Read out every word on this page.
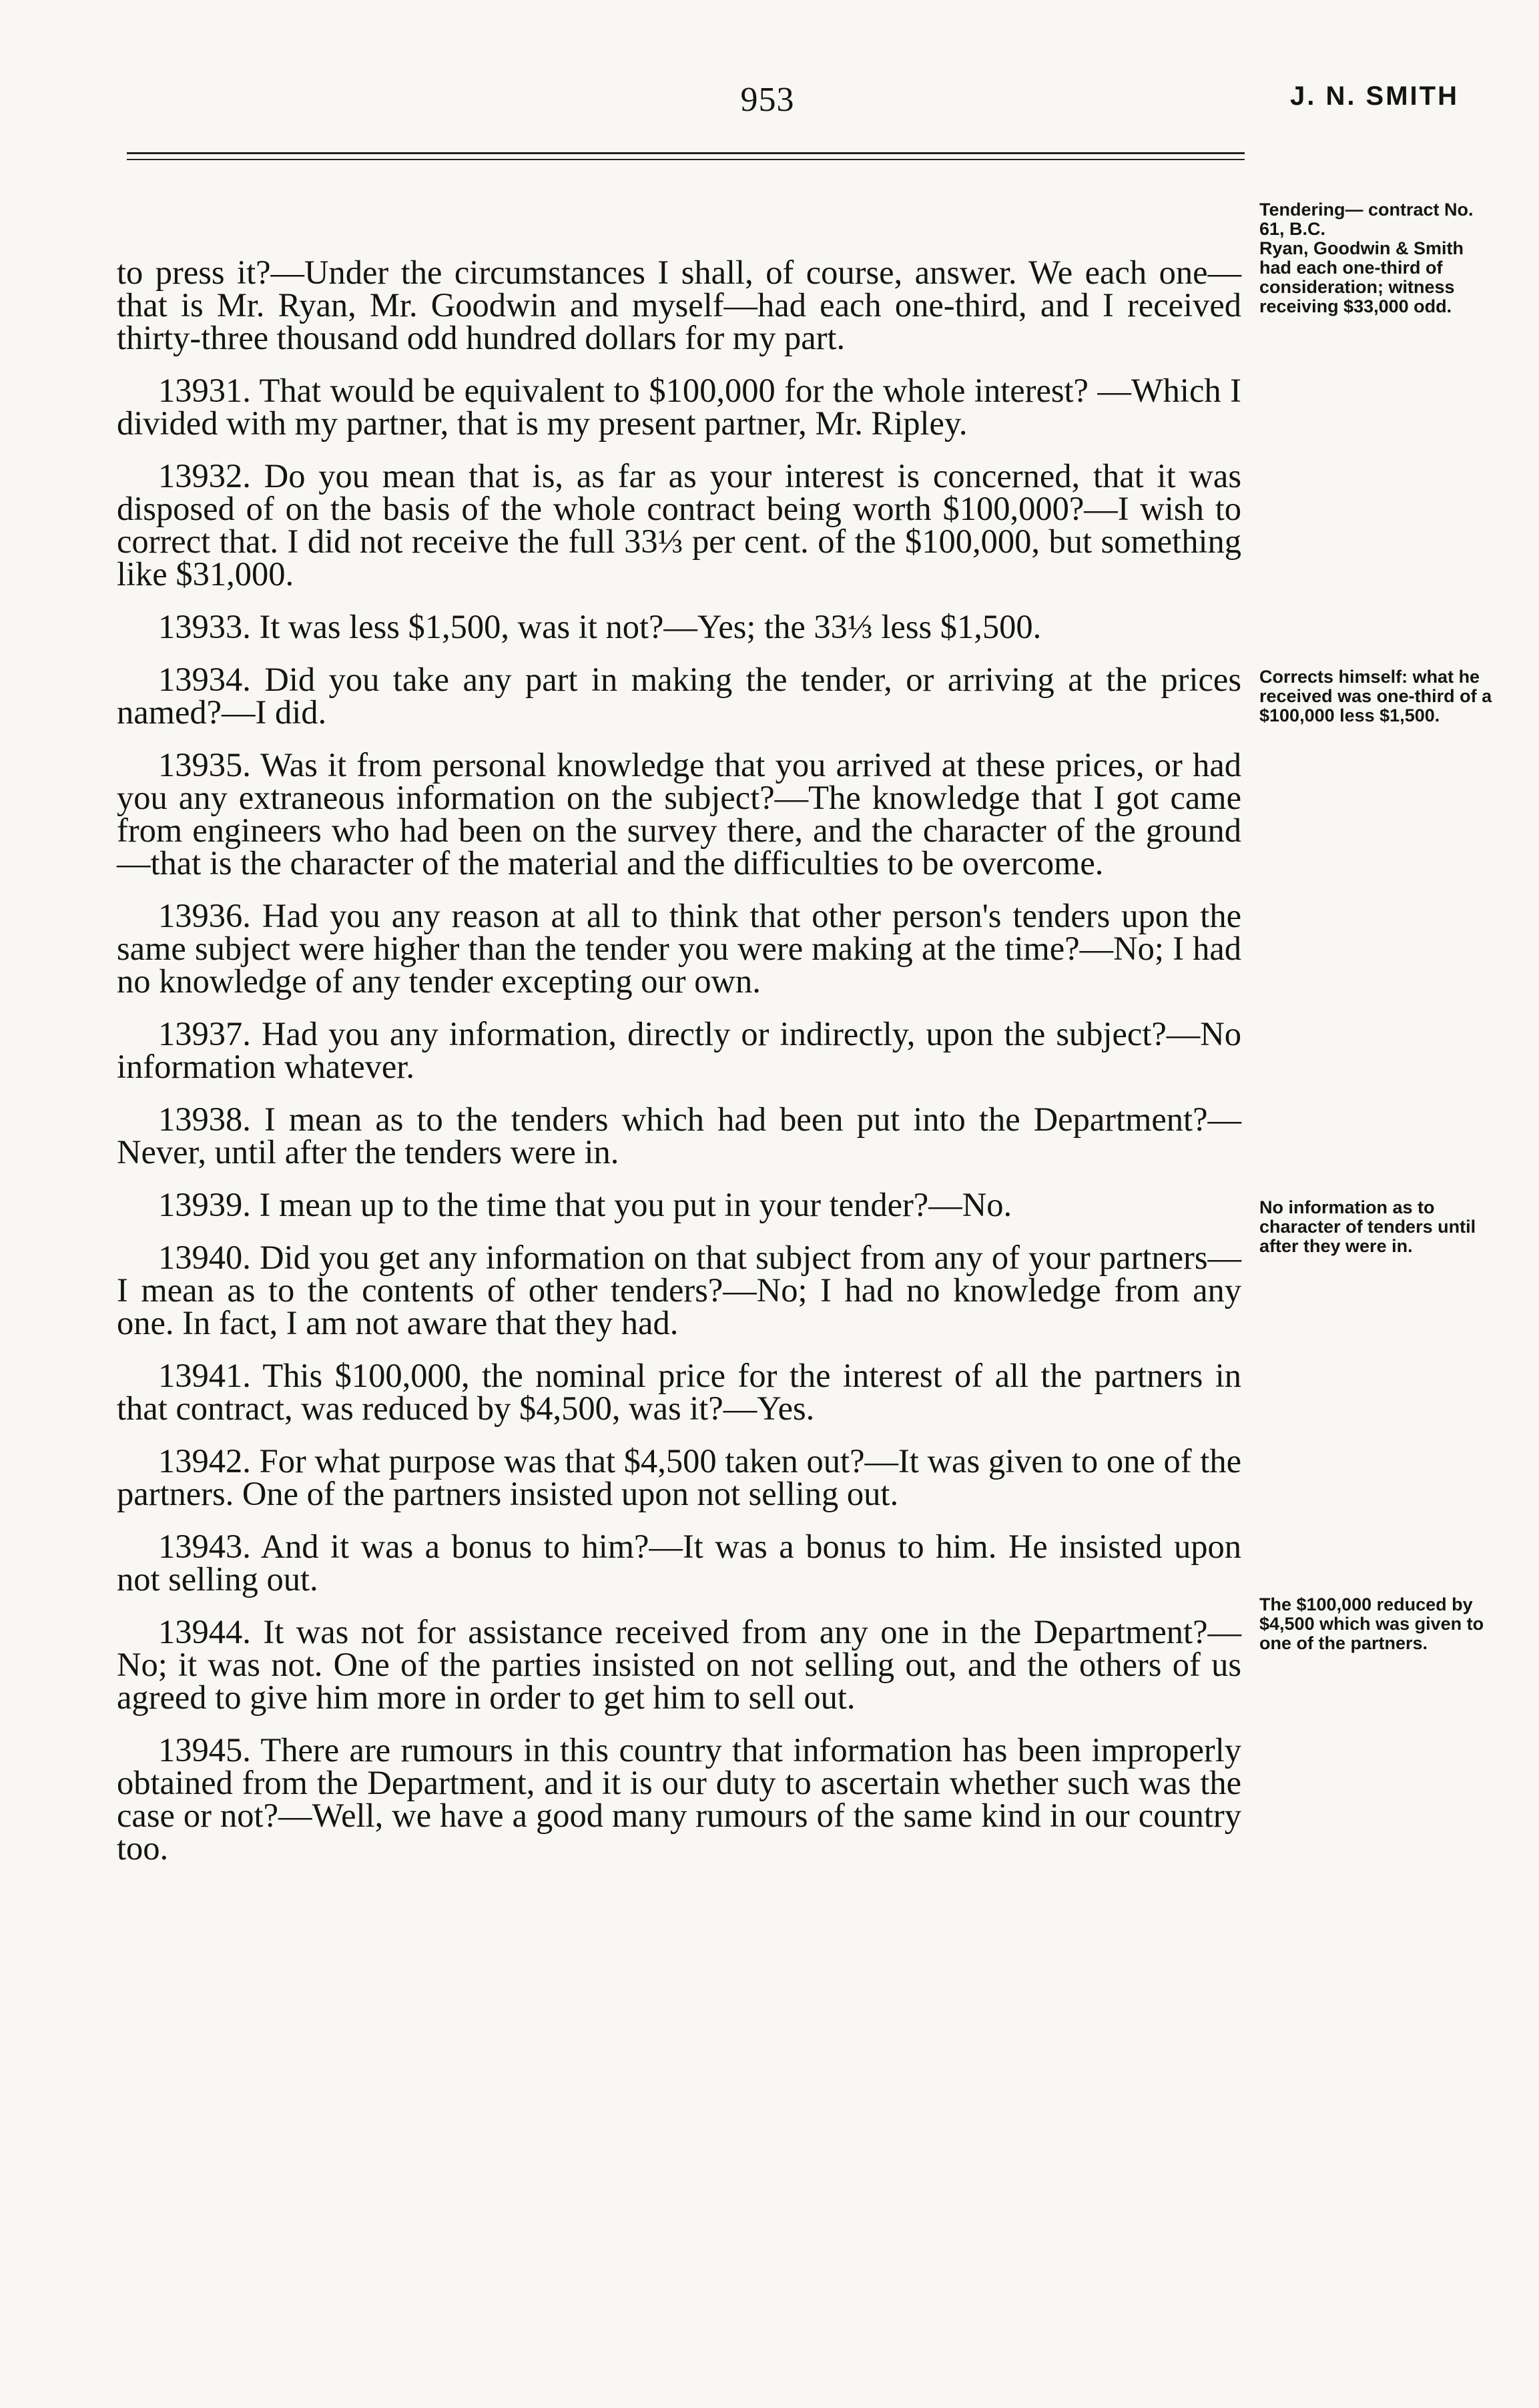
953	J. N. SMITH
Tendering— contract No. 61, B.C.
Ryan, Goodwin & Smith had each one-third of consideration; witness receiving $33,000 odd.
Corrects himself: what he received was one-third of a $100,000 less $1,500.
No information as to character of tenders until after they were in.
The $100,000 reduced by $4,500 which was given to one of the partners.

to press it?—Under the circumstances I shall, of course, answer. We each one—that is Mr. Ryan, Mr. Goodwin and myself—had each one-third, and I received thirty-three thousand odd hundred dollars for my part.

13931. That would be equivalent to $100,000 for the whole interest? —Which I divided with my partner, that is my present partner, Mr. Ripley.

13932. Do you mean that is, as far as your interest is concerned, that it was disposed of on the basis of the whole contract being worth $100,000?—I wish to correct that. I did not receive the full 33⅓ per cent. of the $100,000, but something like $31,000.

13933. It was less $1,500, was it not?—Yes; the 33⅓ less $1,500.

13934. Did you take any part in making the tender, or arriving at the prices named?—I did.

13935. Was it from personal knowledge that you arrived at these prices, or had you any extraneous information on the subject?—The knowledge that I got came from engineers who had been on the survey there, and the character of the ground—that is the character of the material and the difficulties to be overcome.

13936. Had you any reason at all to think that other person's tenders upon the same subject were higher than the tender you were making at the time?—No; I had no knowledge of any tender excepting our own.

13937. Had you any information, directly or indirectly, upon the subject?—No information whatever.

13938. I mean as to the tenders which had been put into the Department?—Never, until after the tenders were in.

13939. I mean up to the time that you put in your tender?—No.

13940. Did you get any information on that subject from any of your partners—I mean as to the contents of other tenders?—No; I had no knowledge from any one. In fact, I am not aware that they had.

13941. This $100,000, the nominal price for the interest of all the partners in that contract, was reduced by $4,500, was it?—Yes.

13942. For what purpose was that $4,500 taken out?—It was given to one of the partners. One of the partners insisted upon not selling out.

13943. And it was a bonus to him?—It was a bonus to him. He insisted upon not selling out.

13944. It was not for assistance received from any one in the Department?—No; it was not. One of the parties insisted on not selling out, and the others of us agreed to give him more in order to get him to sell out.

13945. There are rumours in this country that information has been improperly obtained from the Department, and it is our duty to ascertain whether such was the case or not?—Well, we have a good many rumours of the same kind in our country too.
